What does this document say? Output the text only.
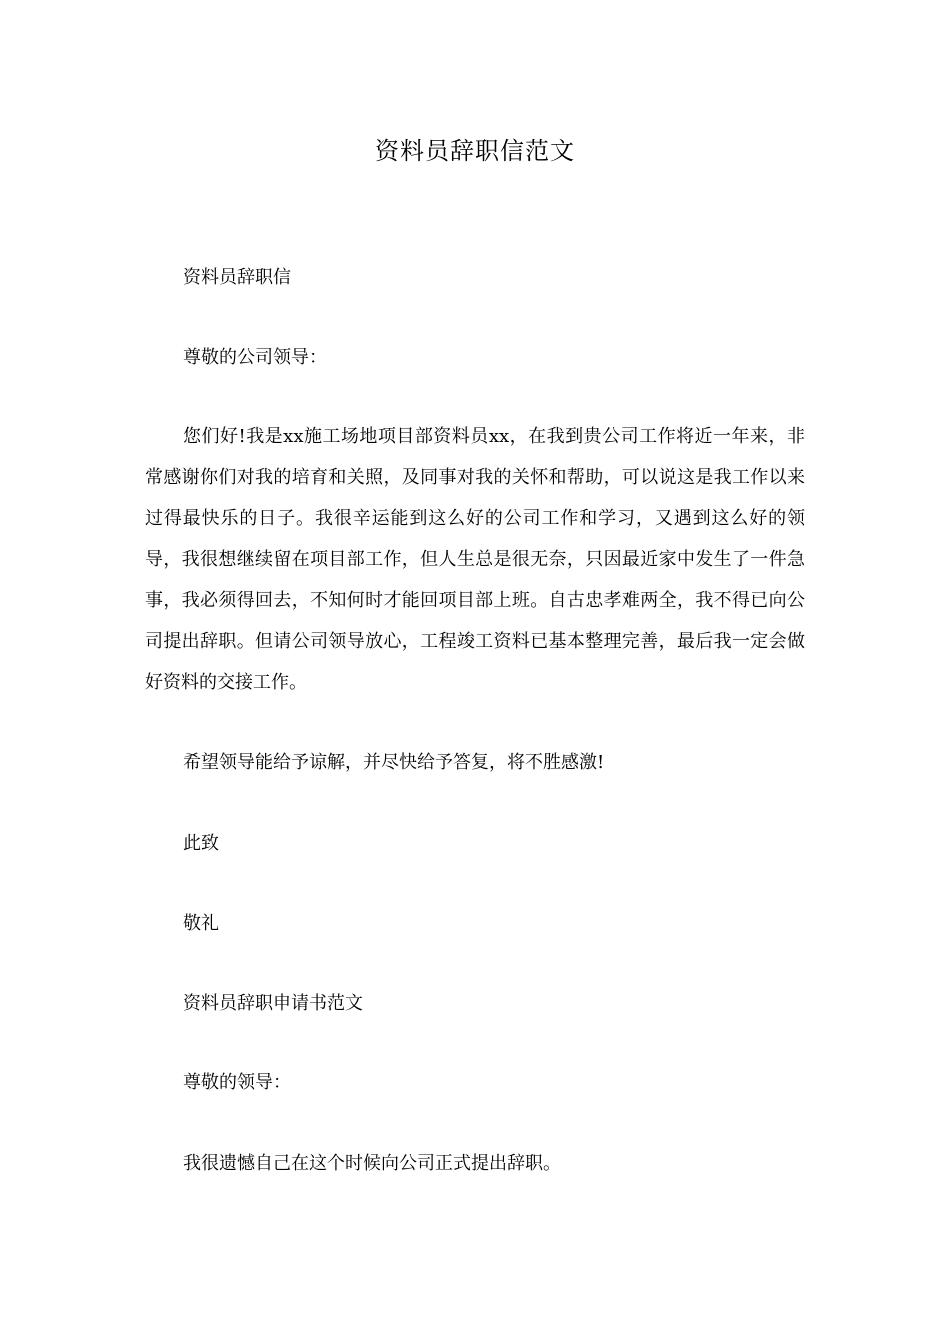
资料员辞职信范文

资料员辞职信

尊敬的公司领导：

您们好!我是xx施工场地项目部资料员xx，在我到贵公司工作将近一年来，非常感谢你们对我的培育和关照，及同事对我的关怀和帮助，可以说这是我工作以来过得最快乐的日子。我很辛运能到这么好的公司工作和学习，又遇到这么好的领导，我很想继续留在项目部工作，但人生总是很无奈，只因最近家中发生了一件急事，我必须得回去，不知何时才能回项目部上班。自古忠孝难两全，我不得已向公司提出辞职。但请公司领导放心，工程竣工资料已基本整理完善，最后我一定会做好资料的交接工作。

希望领导能给予谅解，并尽快给予答复，将不胜感激!

此致

敬礼

资料员辞职申请书范文

尊敬的领导：

我很遗憾自己在这个时候向公司正式提出辞职。
